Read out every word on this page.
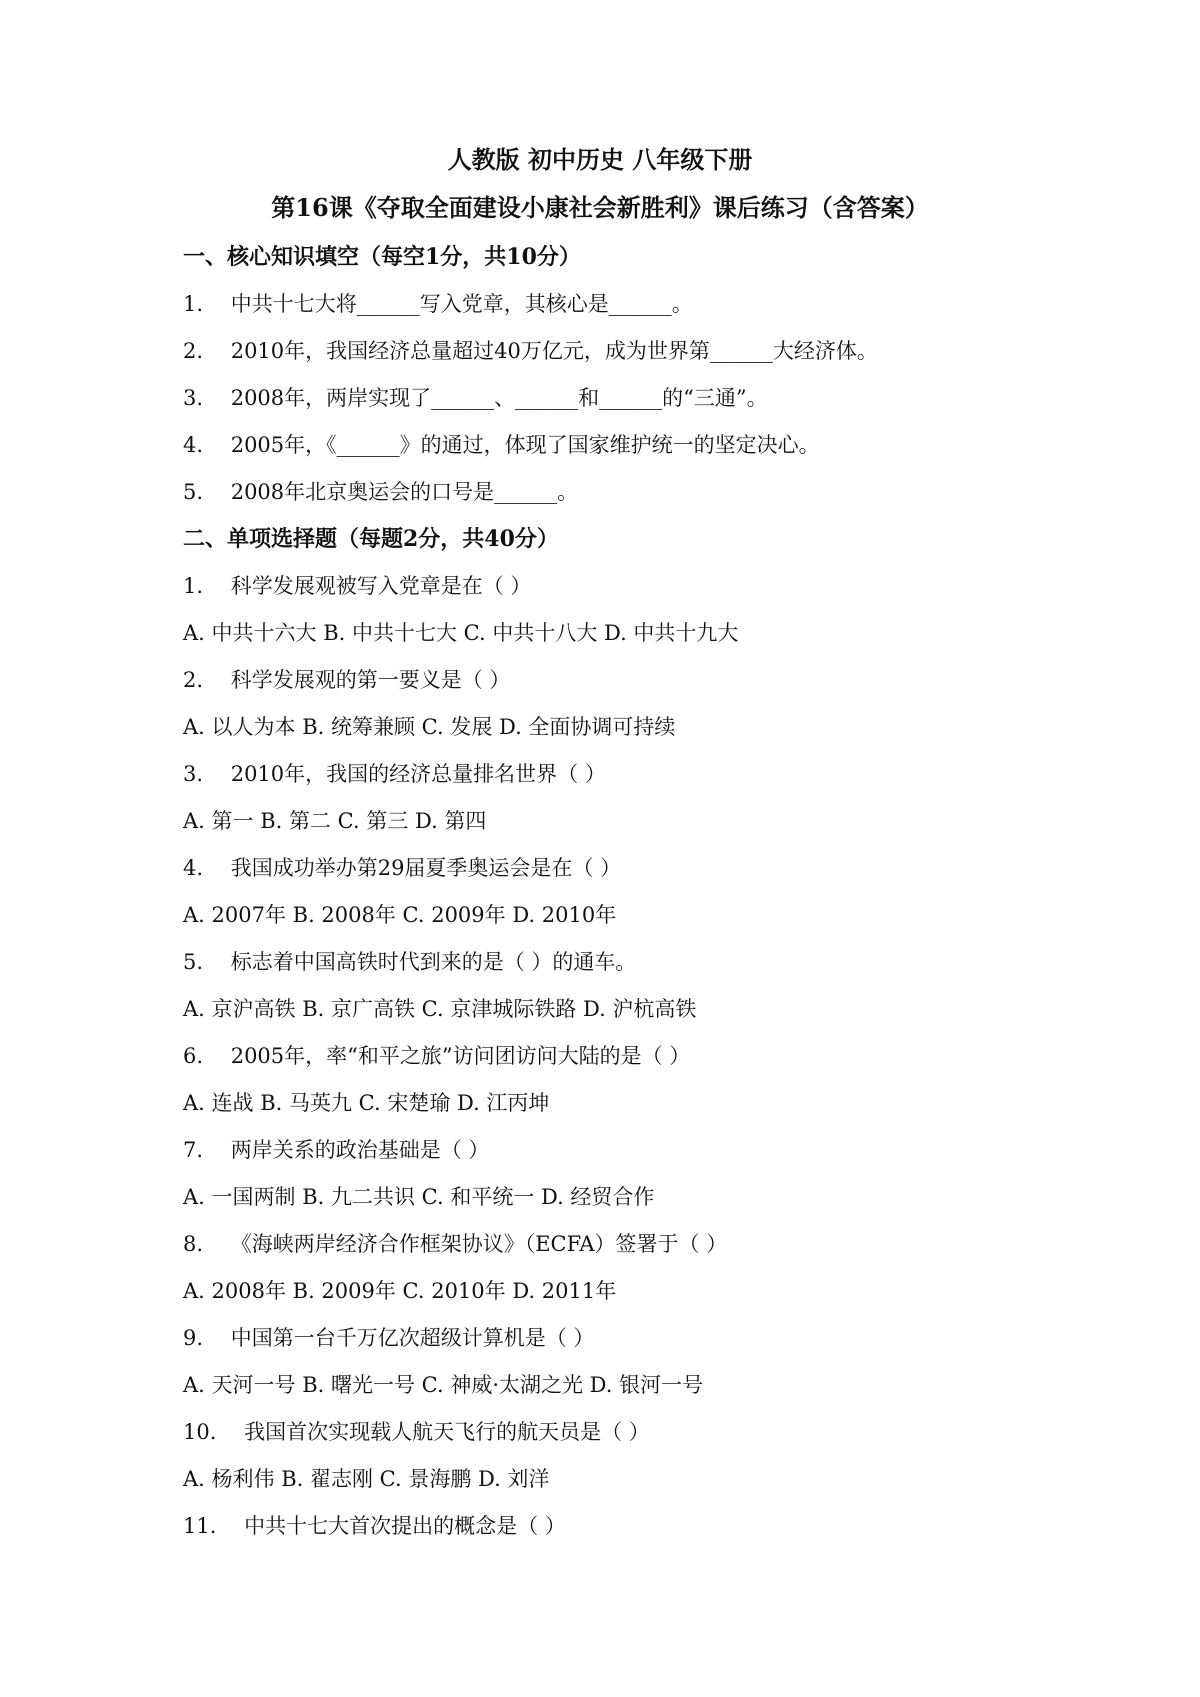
人教版 初中历史 八年级下册
第16课《夺取全面建设小康社会新胜利》课后练习（含答案）
一、核心知识填空（每空1分，共10分）
1.　 中共十七大将______写入党章，其核心是______。
2.　 2010年，我国经济总量超过40万亿元，成为世界第______大经济体。
3.　 2008年，两岸实现了______、______和______的“三通”。
4.　 2005年，《______》的通过，体现了国家维护统一的坚定决心。
5.　 2008年北京奥运会的口号是______。
二、单项选择题（每题2分，共40分）
1.　 科学发展观被写入党章是在（ ）
A. 中共十六大 B. 中共十七大 C. 中共十八大 D. 中共十九大
2.　 科学发展观的第一要义是（ ）
A. 以人为本 B. 统筹兼顾 C. 发展 D. 全面协调可持续
3.　 2010年，我国的经济总量排名世界（ ）
A. 第一 B. 第二 C. 第三 D. 第四
4.　 我国成功举办第29届夏季奥运会是在（ ）
A. 2007年 B. 2008年 C. 2009年 D. 2010年
5.　 标志着中国高铁时代到来的是（ ）的通车。
A. 京沪高铁 B. 京广高铁 C. 京津城际铁路 D. 沪杭高铁
6.　 2005年，率“和平之旅”访问团访问大陆的是（ ）
A. 连战 B. 马英九 C. 宋楚瑜 D. 江丙坤
7.　 两岸关系的政治基础是（ ）
A. 一国两制 B. 九二共识 C. 和平统一 D. 经贸合作
8.　 《海峡两岸经济合作框架协议》（ECFA）签署于（ ）
A. 2008年 B. 2009年 C. 2010年 D. 2011年
9.　 中国第一台千万亿次超级计算机是（ ）
A. 天河一号 B. 曙光一号 C. 神威·太湖之光 D. 银河一号
10.　 我国首次实现载人航天飞行的航天员是（ ）
A. 杨利伟 B. 翟志刚 C. 景海鹏 D. 刘洋
11.　 中共十七大首次提出的概念是（ ）
